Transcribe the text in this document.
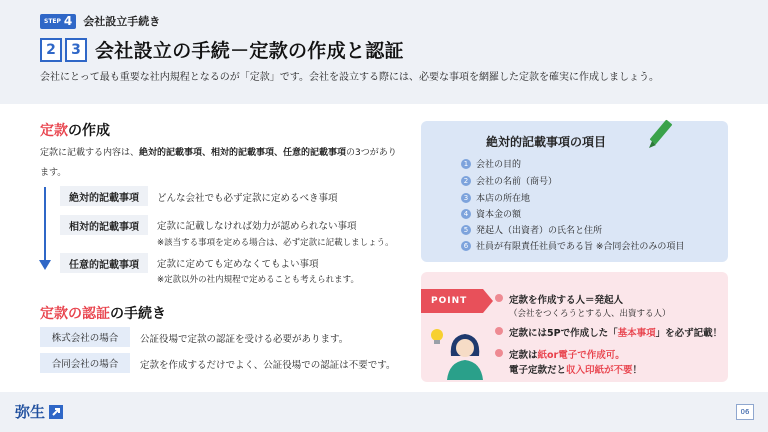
STEP 4 会社設立手続き
2	3 会社設立の手続－定款の作成と認証
会社にとって最も重要な社内規程となるのが「定款」です。会社を設立する際には、必要な事項を網羅した定款を確実に作成しましょう。
定款の作成
定款に記載する内容は、絶対的記載事項、相対的記載事項、任意的記載事項の3つがあります。
絶対的記載事項	どんな会社でも必ず定款に定めるべき事項
相対的記載事項	定款に記載しなければ効力が認められない事項
※該当する事項を定める場合は、必ず定款に記載しましょう。
任意的記載事項	定款に定めても定めなくてもよい事項
※定款以外の社内規程で定めることも考えられます。
定款の認証の手続き
株式会社の場合	公証役場で定款の認証を受ける必要があります。
合同会社の場合	定款を作成するだけでよく、公証役場での認証は不要です。
絶対的記載事項の項目
1 会社の目的
2 会社の名前（商号）
3 本店の所在地
4 資本金の額
5 発起人（出資者）の氏名と住所
6 社員が有限責任社員である旨 ※合同会社のみの項目
POINT	定款を作成する人＝発起人
（会社をつくろうとする人、出資する人）
定款には5Pで作成した「基本事項」を必ず記載！
定款は紙or電子で作成可。
電子定款だと収入印紙が不要！
弥生	06
